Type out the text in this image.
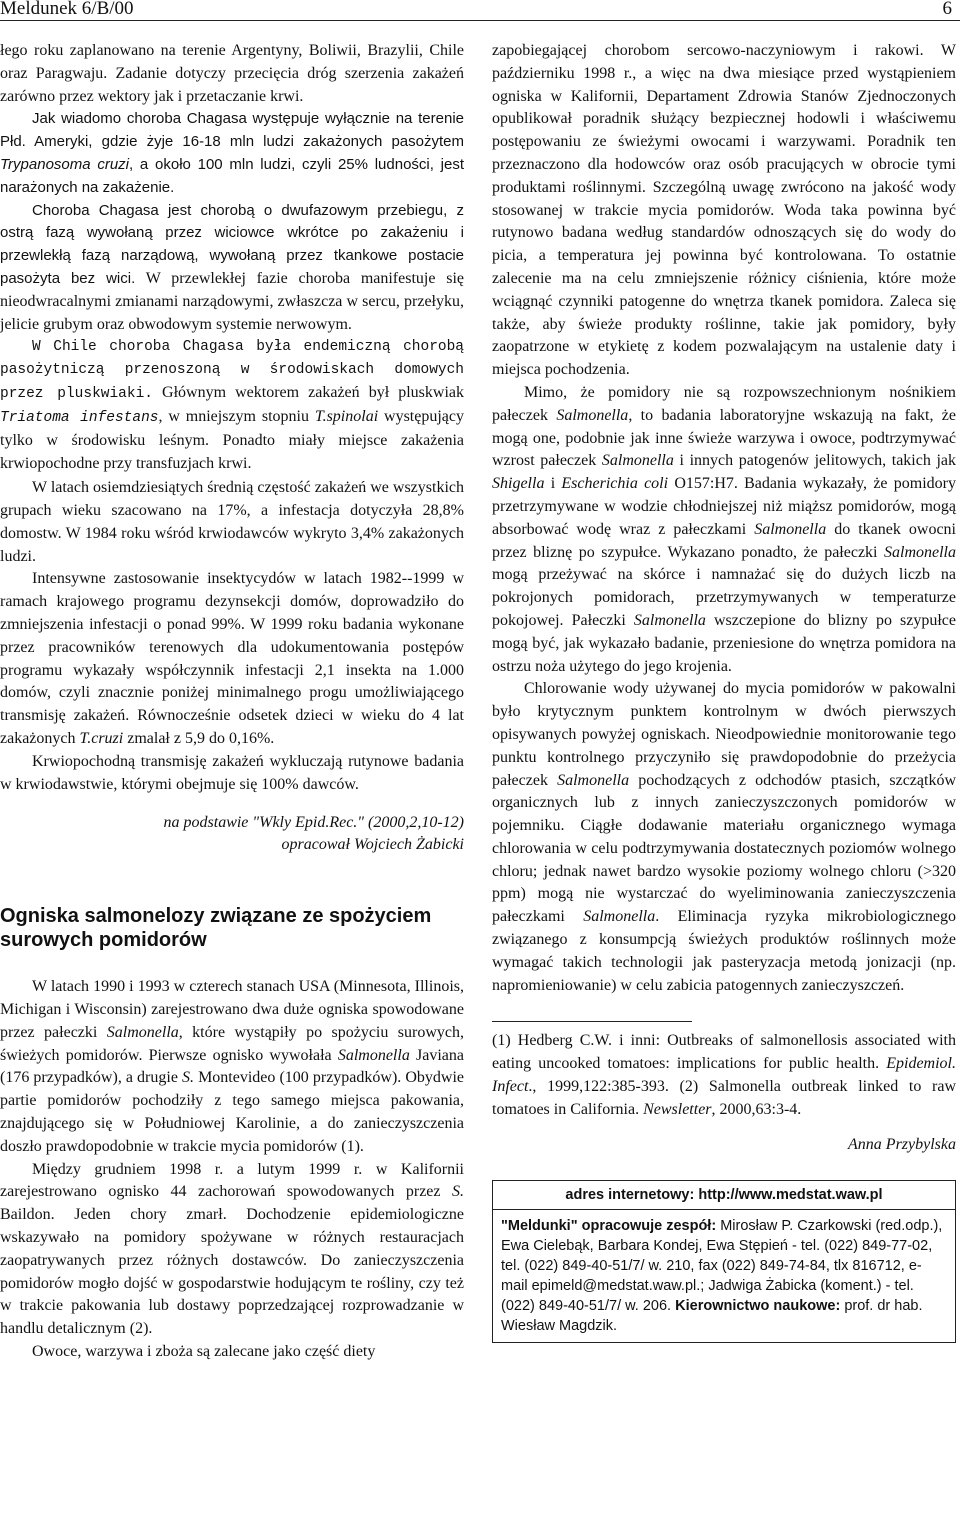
Meldunek 6/B/00	6

łego roku zaplanowano na terenie Argentyny, Boliwii, Brazylii, Chile oraz Paragwaju. Zadanie dotyczy przecięcia dróg szerzenia zakażeń zarówno przez wektory jak i przetaczanie krwi.

Jak wiadomo choroba Chagasa występuje wyłącznie na terenie Płd. Ameryki, gdzie żyje 16-18 mln ludzi zakażonych pasożytem Trypanosoma cruzi, a około 100 mln ludzi, czyli 25% ludności, jest narażonych na zakażenie.

Choroba Chagasa jest chorobą o dwufazowym przebiegu, z ostrą fazą wywołaną przez wiciowce wkrótce po zakażeniu i przewlekłą fazą narządową, wywołaną przez tkankowe postacie pasożyta bez wici. W przewlekłej fazie choroba manifestuje się nieodwracalnymi zmianami narządowymi, zwłaszcza w sercu, przełyku, jelicie grubym oraz obwodowym systemie nerwowym.

W Chile choroba Chagasa była endemiczną chorobą pasożytniczą przenoszoną w środowiskach domowych przez pluskwiaki. Głównym wektorem zakażeń był pluskwiak Triatoma infestans, w mniejszym stopniu T.spinolai występujący tylko w środowisku leśnym. Ponadto miały miejsce zakażenia krwiopochodne przy transfuzjach krwi.

W latach osiemdziesiątych średnią częstość zakażeń we wszystkich grupach wieku szacowano na 17%, a infestacja dotyczyła 28,8% domostw. W 1984 roku wśród krwiodawców wykryto 3,4% zakażonych ludzi.

Intensywne zastosowanie insektycydów w latach 1982--1999 w ramach krajowego programu dezynsekcji domów, doprowadziło do zmniejszenia infestacji o ponad 99%. W 1999 roku badania wykonane przez pracowników terenowych dla udokumentowania postępów programu wykazały współczynnik infestacji 2,1 insekta na 1.000 domów, czyli znacznie poniżej minimalnego progu umożliwiającego transmisję zakażeń. Równocześnie odsetek dzieci w wieku do 4 lat zakażonych T.cruzi zmalał z 5,9 do 0,16%.

Krwiopochodną transmisję zakażeń wykluczają rutynowe badania w krwiodawstwie, którymi obejmuje się 100% dawców.

na podstawie "Wkly Epid.Rec." (2000,2,10-12)
opracował Wojciech Żabicki
Ogniska salmonelozy związane ze spożyciem surowych pomidorów

W latach 1990 i 1993 w czterech stanach USA (Minnesota, Illinois, Michigan i Wisconsin) zarejestrowano dwa duże ogniska spowodowane przez pałeczki Salmonella, które wystąpiły po spożyciu surowych, świeżych pomidorów. Pierwsze ognisko wywołała Salmonella Javiana (176 przypadków), a drugie S. Montevideo (100 przypadków). Obydwie partie pomidorów pochodziły z tego samego miejsca pakowania, znajdującego się w Południowej Karolinie, a do zanieczyszczenia doszło prawdopodobnie w trakcie mycia pomidorów (1).

Między grudniem 1998 r. a lutym 1999 r. w Kalifornii zarejestrowano ognisko 44 zachorowań spowodowanych przez S. Baildon. Jeden chory zmarł. Dochodzenie epidemiologiczne wskazywało na pomidory spożywane w różnych restauracjach zaopatrywanych przez różnych dostawców. Do zanieczyszczenia pomidorów mogło dojść w gospodarstwie hodującym te rośliny, czy też w trakcie pakowania lub dostawy poprzedzającej rozprowadzanie w handlu detalicznym (2).

Owoce, warzywa i zboża są zalecane jako część diety

zapobiegającej chorobom sercowo-naczyniowym i rakowi. W październiku 1998 r., a więc na dwa miesiące przed wystąpieniem ogniska w Kalifornii, Departament Zdrowia Stanów Zjednoczonych opublikował poradnik służący bezpiecznej hodowli i właściwemu postępowaniu ze świeżymi owocami i warzywami. Poradnik ten przeznaczono dla hodowców oraz osób pracujących w obrocie tymi produktami roślinnymi. Szczególną uwagę zwrócono na jakość wody stosowanej w trakcie mycia pomidorów. Woda taka powinna być rutynowo badana według standardów odnoszących się do wody do picia, a temperatura jej powinna być kontrolowana. To ostatnie zalecenie ma na celu zmniejszenie różnicy ciśnienia, które może wciągnąć czynniki patogenne do wnętrza tkanek pomidora. Zaleca się także, aby świeże produkty roślinne, takie jak pomidory, były zaopatrzone w etykietę z kodem pozwalającym na ustalenie daty i miejsca pochodzenia.

Mimo, że pomidory nie są rozpowszechnionym nośnikiem pałeczek Salmonella, to badania laboratoryjne wskazują na fakt, że mogą one, podobnie jak inne świeże warzywa i owoce, podtrzymywać wzrost pałeczek Salmonella i innych patogenów jelitowych, takich jak Shigella i Escherichia coli O157:H7. Badania wykazały, że pomidory przetrzymywane w wodzie chłodniejszej niż miąższ pomidorów, mogą absorbować wodę wraz z pałeczkami Salmonella do tkanek owocni przez bliznę po szypułce. Wykazano ponadto, że pałeczki Salmonella mogą przeżywać na skórce i namnażać się do dużych liczb na pokrojonych pomidorach, przetrzymywanych w temperaturze pokojowej. Pałeczki Salmonella wszczepione do blizny po szypułce mogą być, jak wykazało badanie, przeniesione do wnętrza pomidora na ostrzu noża użytego do jego krojenia.

Chlorowanie wody używanej do mycia pomidorów w pakowalni było krytycznym punktem kontrolnym w dwóch pierwszych opisywanych powyżej ogniskach. Nieodpowiednie monitorowanie tego punktu kontrolnego przyczyniło się prawdopodobnie do przeżycia pałeczek Salmonella pochodzących z odchodów ptasich, szczątków organicznych lub z innych zanieczyszczonych pomidorów w pojemniku. Ciągłe dodawanie materiału organicznego wymaga chlorowania w celu podtrzymywania dostatecznych poziomów wolnego chloru; jednak nawet bardzo wysokie poziomy wolnego chloru (>320 ppm) mogą nie wystarczać do wyeliminowania zanieczyszczenia pałeczkami Salmonella. Eliminacja ryzyka mikrobiologicznego związanego z konsumpcją świeżych produktów roślinnych może wymagać takich technologii jak pasteryzacja metodą jonizacji (np. napromieniowanie) w celu zabicia patogennych zanieczyszczeń.

(1) Hedberg C.W. i inni: Outbreaks of salmonellosis associated with eating uncooked tomatoes: implications for public health. Epidemiol. Infect., 1999,122:385-393. (2) Salmonella outbreak linked to raw tomatoes in California. Newsletter, 2000,63:3-4.

Anna Przybylska
adres internetowy: http://www.medstat.waw.pl
"Meldunki" opracowuje zespół: Mirosław P. Czarkowski (red.odp.), Ewa Cielebąk, Barbara Kondej, Ewa Stępień - tel. (022) 849-77-02, tel. (022) 849-40-51/7/ w. 210, fax (022) 849-74-84, tlx 816712, e-mail epimeld@medstat.waw.pl.; Jadwiga Żabicka (koment.) - tel. (022) 849-40-51/7/ w. 206. Kierownictwo naukowe: prof. dr hab. Wiesław Magdzik.
